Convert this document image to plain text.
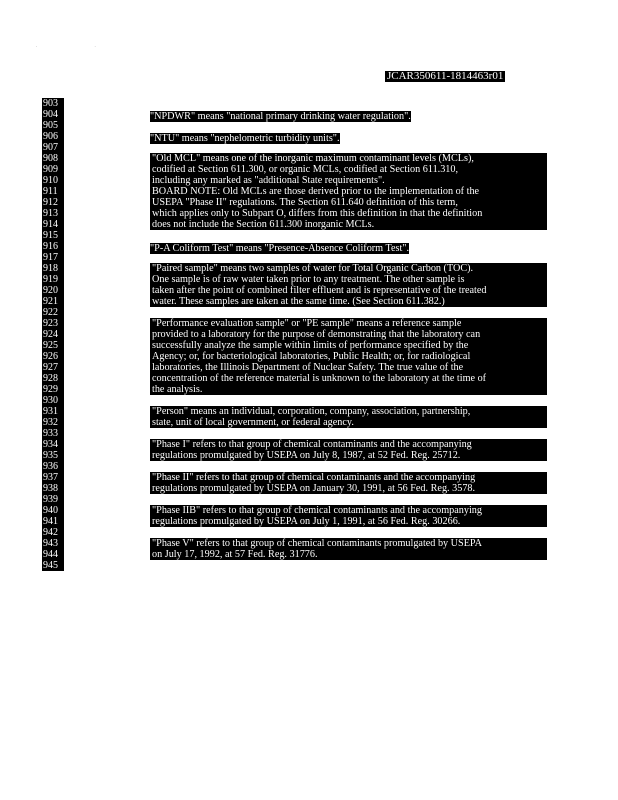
. .
JCAR350611-1814463r01
903
904
905
906
907
908
909
910
911
912
913
914
915
916
917
918
919
920
921
922
923
924
925
926
927
928
929
930
931
932
933
934
935
936
937
938
939
940
941
942
943
944
945
"NPDWR" means "national primary drinking water regulation".
"NTU" means "nephelometric turbidity units".
"Old MCL" means one of the inorganic maximum contaminant levels (MCLs),
codified at Section 611.300, or organic MCLs, codified at Section 611.310,
including any marked as "additional State requirements".
BOARD NOTE: Old MCLs are those derived prior to the implementation of the
USEPA "Phase II" regulations. The Section 611.640 definition of this term,
which applies only to Subpart O, differs from this definition in that the definition
does not include the Section 611.300 inorganic MCLs.
"P-A Coliform Test" means "Presence-Absence Coliform Test".
"Paired sample" means two samples of water for Total Organic Carbon (TOC).
One sample is of raw water taken prior to any treatment. The other sample is
taken after the point of combined filter effluent and is representative of the treated
water. These samples are taken at the same time. (See Section 611.382.)
"Performance evaluation sample" or "PE sample" means a reference sample
provided to a laboratory for the purpose of demonstrating that the laboratory can
successfully analyze the sample within limits of performance specified by the
Agency; or, for bacteriological laboratories, Public Health; or, for radiological
laboratories, the Illinois Department of Nuclear Safety. The true value of the
concentration of the reference material is unknown to the laboratory at the time of
the analysis.
"Person" means an individual, corporation, company, association, partnership,
state, unit of local government, or federal agency.
"Phase I" refers to that group of chemical contaminants and the accompanying
regulations promulgated by USEPA on July 8, 1987, at 52 Fed. Reg. 25712.
"Phase II" refers to that group of chemical contaminants and the accompanying
regulations promulgated by USEPA on January 30, 1991, at 56 Fed. Reg. 3578.
"Phase IIB" refers to that group of chemical contaminants and the accompanying
regulations promulgated by USEPA on July 1, 1991, at 56 Fed. Reg. 30266.
"Phase V" refers to that group of chemical contaminants promulgated by USEPA
on July 17, 1992, at 57 Fed. Reg. 31776.
